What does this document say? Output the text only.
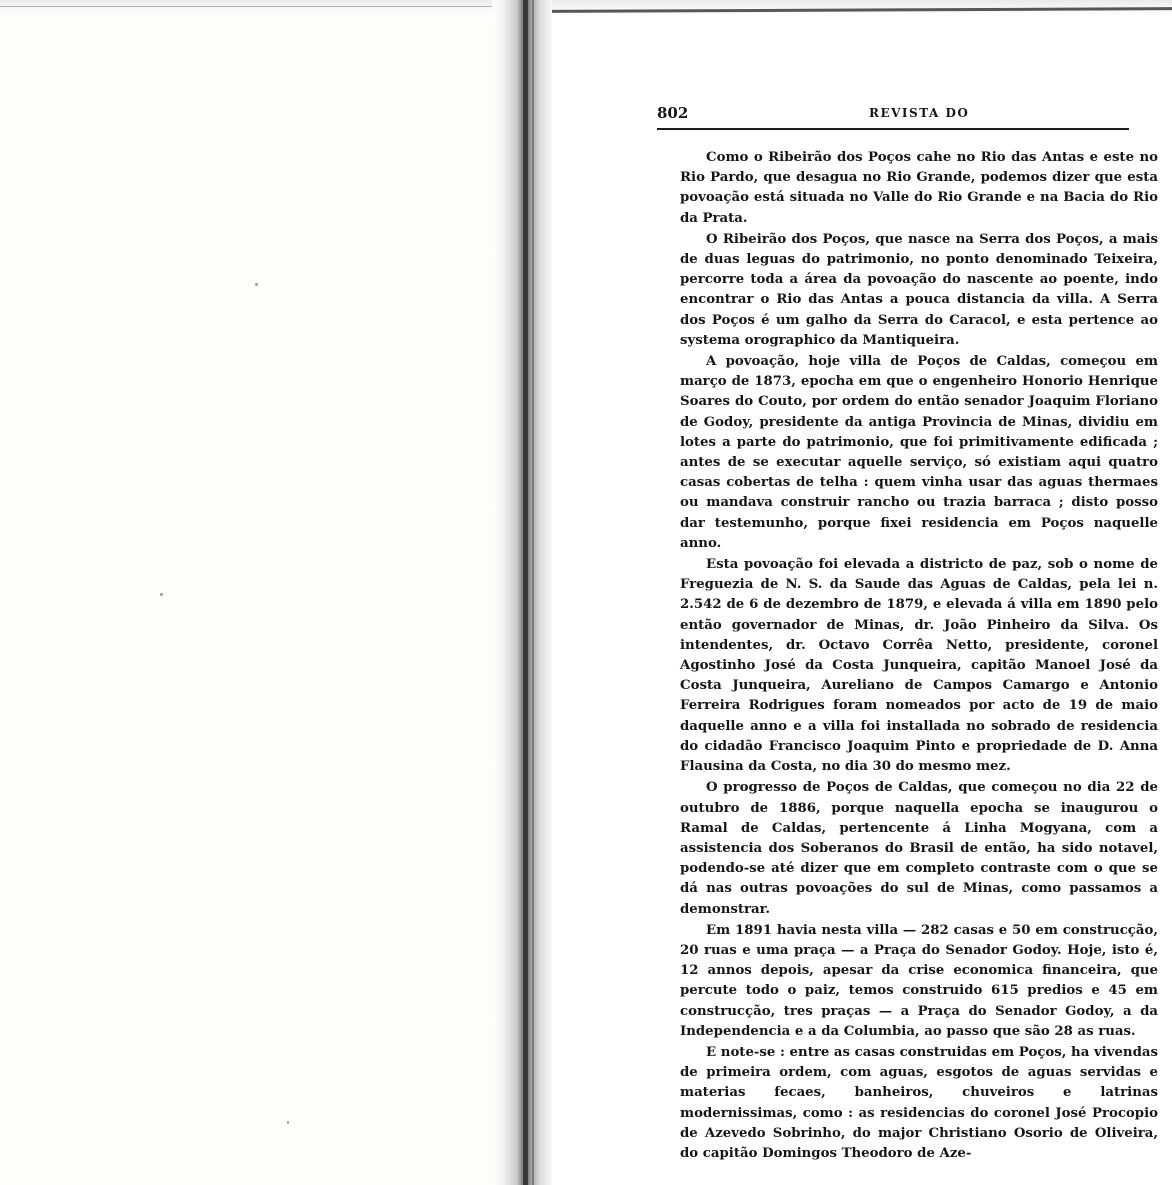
802	REVISTA DO

Como o Ribeirão dos Poços cahe no Rio das Antas e este no Rio Pardo, que desagua no Rio Grande, podemos dizer que esta povoação está situada no Valle do Rio Grande e na Bacia do Rio da Prata.

O Ribeirão dos Poços, que nasce na Serra dos Poços, a mais de duas leguas do patrimonio, no ponto denominado Teixeira, percorre toda a área da povoação do nascente ao poente, indo encontrar o Rio das Antas a pouca distancia da villa. A Serra dos Poços é um galho da Serra do Caracol, e esta pertence ao systema orographico da Mantiqueira.

A povoação, hoje villa de Poços de Caldas, começou em março de 1873, epocha em que o engenheiro Honorio Henrique Soares do Couto, por ordem do então senador Joaquim Floriano de Godoy, presidente da antiga Provincia de Minas, dividiu em lotes a parte do patrimonio, que foi primitivamente edificada ; antes de se executar aquelle serviço, só existiam aqui quatro casas cobertas de telha : quem vinha usar das aguas thermaes ou mandava construir rancho ou trazia barraca ; disto posso dar testemunho, porque fixei residencia em Poços naquelle anno.

Esta povoação foi elevada a districto de paz, sob o nome de Freguezia de N. S. da Saude das Aguas de Caldas, pela lei n. 2.542 de 6 de dezembro de 1879, e elevada á villa em 1890 pelo então governador de Minas, dr. João Pinheiro da Silva. Os intendentes, dr. Octavo Corrêa Netto, presidente, coronel Agostinho José da Costa Junqueira, capitão Manoel José da Costa Junqueira, Aureliano de Campos Camargo e Antonio Ferreira Rodrigues foram nomeados por acto de 19 de maio daquelle anno e a villa foi installada no sobrado de residencia do cidadão Francisco Joaquim Pinto e propriedade de D. Anna Flausina da Costa, no dia 30 do mesmo mez.

O progresso de Poços de Caldas, que começou no dia 22 de outubro de 1886, porque naquella epocha se inaugurou o Ramal de Caldas, pertencente á Linha Mogyana, com a assistencia dos Soberanos do Brasil de então, ha sido notavel, podendo-se até dizer que em completo contraste com o que se dá nas outras povoações do sul de Minas, como passamos a demonstrar.

Em 1891 havia nesta villa — 282 casas e 50 em construcção, 20 ruas e uma praça — a Praça do Senador Godoy. Hoje, isto é, 12 annos depois, apesar da crise economica financeira, que percute todo o paiz, temos construido 615 predios e 45 em construcção, tres praças — a Praça do Senador Godoy, a da Independencia e a da Columbia, ao passo que são 28 as ruas.

E note-se : entre as casas construidas em Poços, ha vivendas de primeira ordem, com aguas, esgotos de aguas servidas e materias fecaes, banheiros, chuveiros e latrinas modernissimas, como : as residencias do coronel José Procopio de Azevedo Sobrinho, do major Christiano Osorio de Oliveira, do capitão Domingos Theodoro de Aze-
